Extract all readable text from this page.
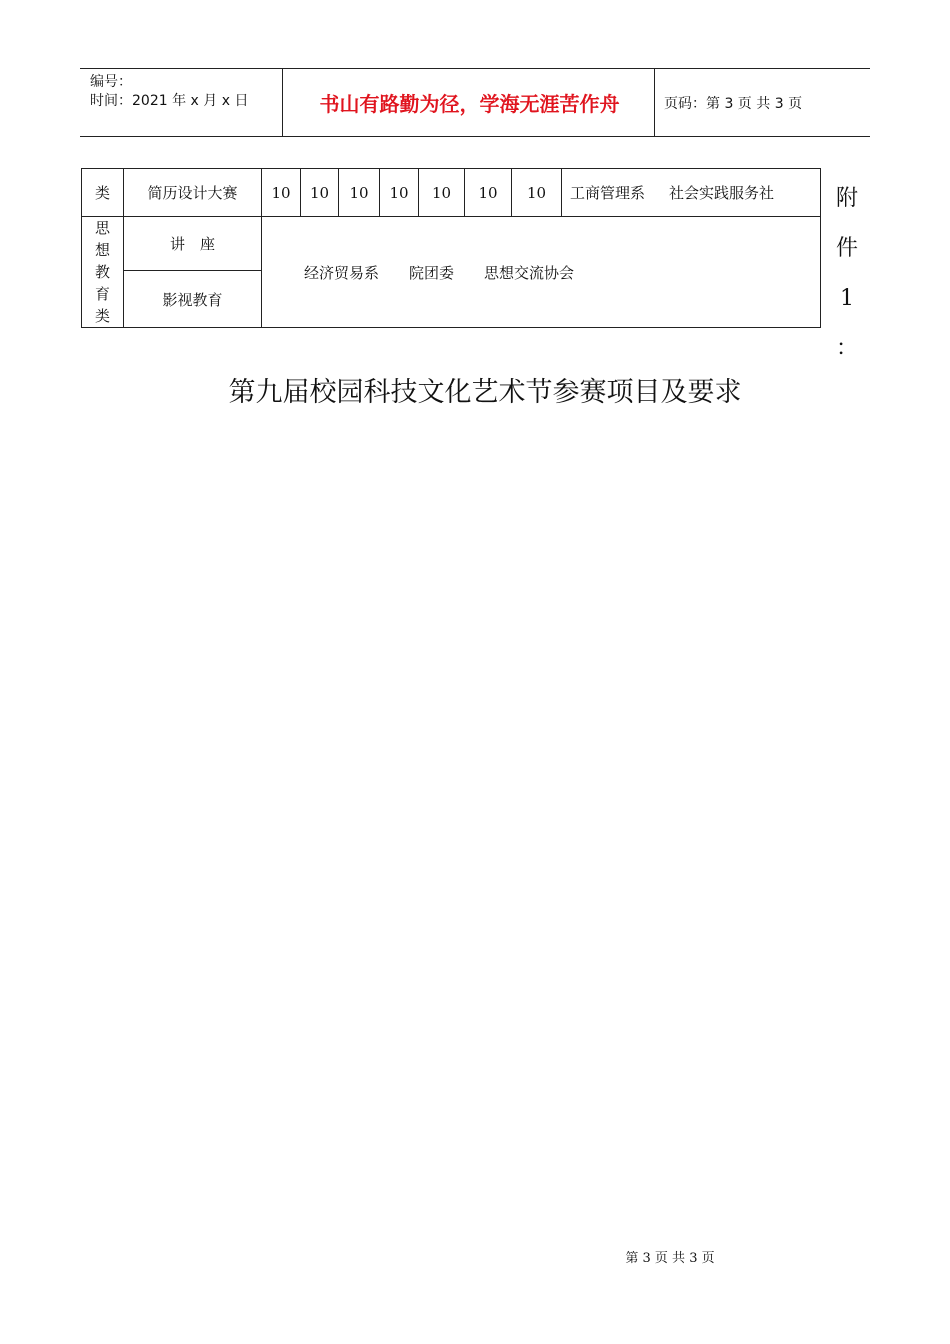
编号：
时间：2021 年 x 月 x 日	书山有路勤为径，学海无涯苦作舟	页码：第 3 页 共 3 页
类	简历设计大赛	10	10	10	10	10	10	10	工商管理系 社会实践服务社

思
想
教
育
类	讲　座	经济贸易系 院团委 思想交流协会							
	影视教育								
附
件
1
：
第九届校园科技文化艺术节参赛项目及要求
第 3 页 共 3 页
